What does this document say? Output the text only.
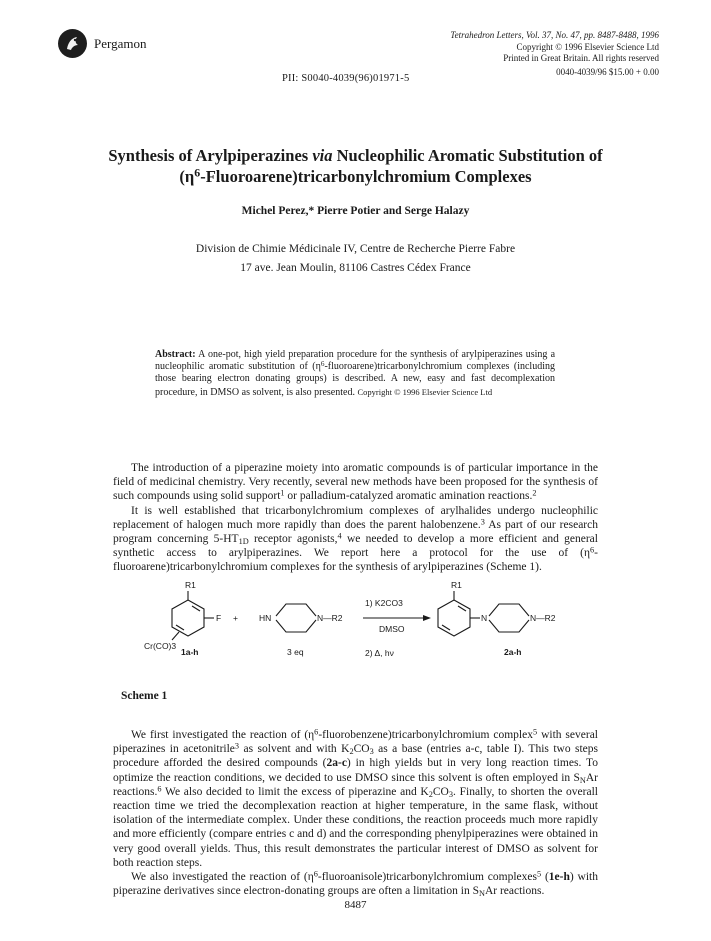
Pergamon
Tetrahedron Letters, Vol. 37, No. 47, pp. 8487-8488, 1996
Copyright © 1996 Elsevier Science Ltd
Printed in Great Britain. All rights reserved
0040-4039/96 $15.00 + 0.00
PII: S0040-4039(96)01971-5
Synthesis of Arylpiperazines via Nucleophilic Aromatic Substitution of
$(\eta^6-Fluoroarene)tricarbonylchromium$ Complexes
Michel Perez,* Pierre Potier and Serge Halazy
Division de Chimie Médicinale IV, Centre de Recherche Pierre Fabre
17 ave. Jean Moulin, 81106 Castres Cédex France
Abstract: A one-pot, high yield preparation procedure for the synthesis of arylpiperazines using a nucleophilic aromatic substitution of $(\eta^6-fluoroarene)tricarbonylchromium$ complexes (including those bearing electron donating groups) is described. A new, easy and fast decomplexation procedure, in DMSO as solvent, is also presented. Copyright © 1996 Elsevier Science Ltd

The introduction of a piperazine moiety into aromatic compounds is of particular importance in the field of medicinal chemistry. Very recently, several new methods have been proposed for the synthesis of such compounds using solid support$^1$ or palladium-catalyzed aromatic amination reactions.$^2$

It is well established that tricarbonylchromium complexes of arylhalides undergo nucleophilic replacement of halogen much more rapidly than does the parent halobenzene.$^3$ As part of our research program concerning $5-HT_{1D}$ receptor agonists,$^4$ we needed to develop a more efficient and general synthetic access to arylpiperazines. We report here a protocol for the use of $(\eta^6-fluoroarene)tricarbonylchromium$ complexes for the synthesis of arylpiperazines (Scheme 1).

R1
F
Cr(CO)3
1a-h
+ HN	N—R2
3 eq
1) K2CO3
DMSO
2) Δ, hν
R1
N	N—R2
2a-h
Scheme 1

We first investigated the reaction of $(\eta^6-fluorobenzene)tricarbonylchromium$ complex$^5$ with several piperazines in acetonitrile$^3$ as solvent and with $K_2CO_3$ as a base (entries a-c, table I). This two steps procedure afforded the desired compounds (2a-c) in high yields but in very long reaction times. To optimize the reaction conditions, we decided to use DMSO since this solvent is often employed in $S_NAr$ reactions.$^6$ We also decided to limit the excess of piperazine and $K_2CO_3$. Finally, to shorten the overall reaction time we tried the decomplexation reaction at higher temperature, in the same flask, without isolation of the intermediate complex. Under these conditions, the reaction proceeds much more rapidly and more efficiently (compare entries c and d) and the corresponding phenylpiperazines were obtained in very good overall yields. Thus, this result demonstrates the particular interest of DMSO as solvent for both reaction steps.

We also investigated the reaction of $(\eta^6-fluoroanisole)tricarbonylchromium$ complexes$^5$ (1e-h) with piperazine derivatives since electron-donating groups are often a limitation in $S_NAr$ reactions.

8487
